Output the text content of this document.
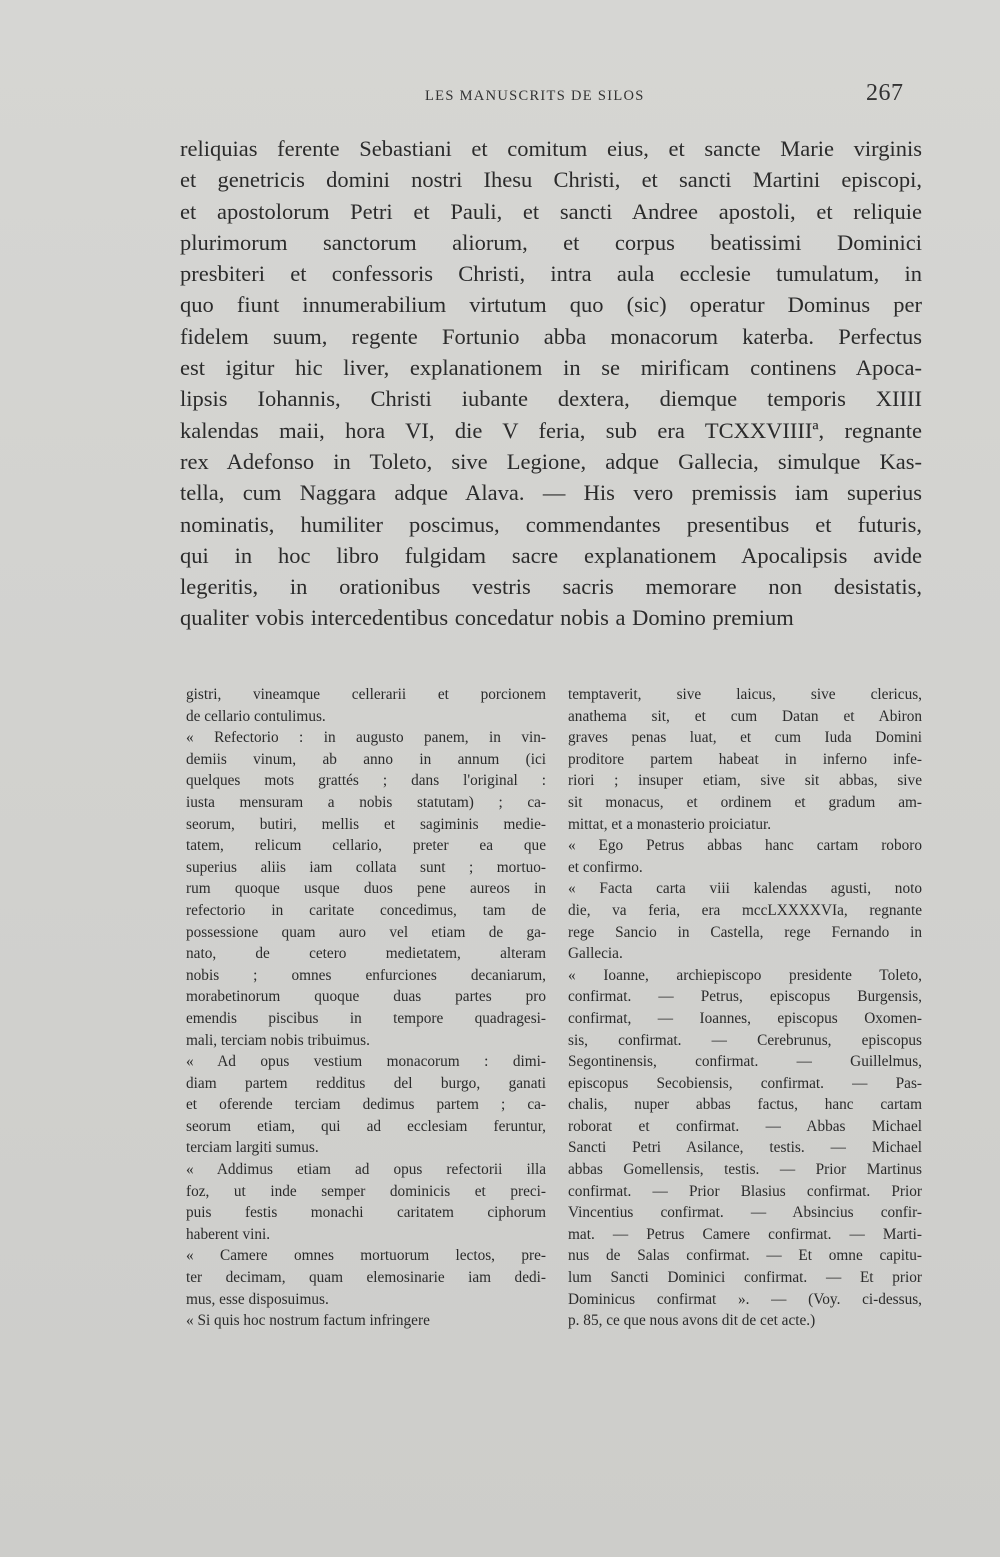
LES MANUSCRITS DE SILOS	267
reliquias ferente Sebastiani et comitum eius, et sancte Marie virginis
et genetricis domini nostri Ihesu Christi, et sancti Martini episcopi,
et apostolorum Petri et Pauli, et sancti Andree apostoli, et reliquie
plurimorum sanctorum aliorum, et corpus beatissimi Dominici
presbiteri et confessoris Christi, intra aula ecclesie tumulatum, in
quo fiunt innumerabilium virtutum quo (sic) operatur Dominus per
fidelem suum, regente Fortunio abba monacorum katerba. Perfectus
est igitur hic liver, explanationem in se mirificam continens Apoca-
lipsis Iohannis, Christi iubante dextera, diemque temporis XIIII
kalendas maii, hora VI, die V feria, sub era TCXXVIIIIª, regnante
rex Adefonso in Toleto, sive Legione, adque Gallecia, simulque Kas-
tella, cum Naggara adque Alava. — His vero premissis iam superius
nominatis, humiliter poscimus, commendantes presentibus et futuris,
qui in hoc libro fulgidam sacre explanationem Apocalipsis avide
legeritis, in orationibus vestris sacris memorare non desistatis,
qualiter vobis intercedentibus concedatur nobis a Domino premium
gistri, vineamque cellerarii et porcionem
de cellario contulimus.
« Refectorio : in augusto panem, in vin-
demiis vinum, ab anno in annum (ici
quelques mots grattés ; dans l'original :
iusta mensuram a nobis statutam) ; ca-
seorum, butiri, mellis et sagiminis medie-
tatem, relicum cellario, preter ea que
superius aliis iam collata sunt ; mortuo-
rum quoque usque duos pene aureos in
refectorio in caritate concedimus, tam de
possessione quam auro vel etiam de ga-
nato, de cetero medietatem, alteram
nobis ; omnes enfurciones decaniarum,
morabetinorum quoque duas partes pro
emendis piscibus in tempore quadragesi-
mali, terciam nobis tribuimus.
« Ad opus vestium monacorum : dimi-
diam partem redditus del burgo, ganati
et oferende terciam dedimus partem ; ca-
seorum etiam, qui ad ecclesiam feruntur,
terciam largiti sumus.
« Addimus etiam ad opus refectorii illa
foz, ut inde semper dominicis et preci-
puis festis monachi caritatem ciphorum
haberent vini.
« Camere omnes mortuorum lectos, pre-
ter decimam, quam elemosinarie iam dedi-
mus, esse disposuimus.
« Si quis hoc nostrum factum infringere
temptaverit, sive laicus, sive clericus,
anathema sit, et cum Datan et Abiron
graves penas luat, et cum Iuda Domini
proditore partem habeat in inferno infe-
riori ; insuper etiam, sive sit abbas, sive
sit monacus, et ordinem et gradum am-
mittat, et a monasterio proiciatur.
« Ego Petrus abbas hanc cartam roboro
et confirmo.
« Facta carta viii kalendas agusti, noto
die, va feria, era mccLXXXXVIa, regnante
rege Sancio in Castella, rege Fernando in
Gallecia.
« Ioanne, archiepiscopo presidente Toleto,
confirmat. — Petrus, episcopus Burgensis,
confirmat, — Ioannes, episcopus Oxomen-
sis, confirmat. — Cerebrunus, episcopus
Segontinensis, confirmat. — Guillelmus,
episcopus Secobiensis, confirmat. — Pas-
chalis, nuper abbas factus, hanc cartam
roborat et confirmat. — Abbas Michael
Sancti Petri Asilance, testis. — Michael
abbas Gomellensis, testis. — Prior Martinus
confirmat. — Prior Blasius confirmat. Prior
Vincentius confirmat. — Absincius confir-
mat. — Petrus Camere confirmat. — Marti-
nus de Salas confirmat. — Et omne capitu-
lum Sancti Dominici confirmat. — Et prior
Dominicus confirmat ». — (Voy. ci-dessus,
p. 85, ce que nous avons dit de cet acte.)
